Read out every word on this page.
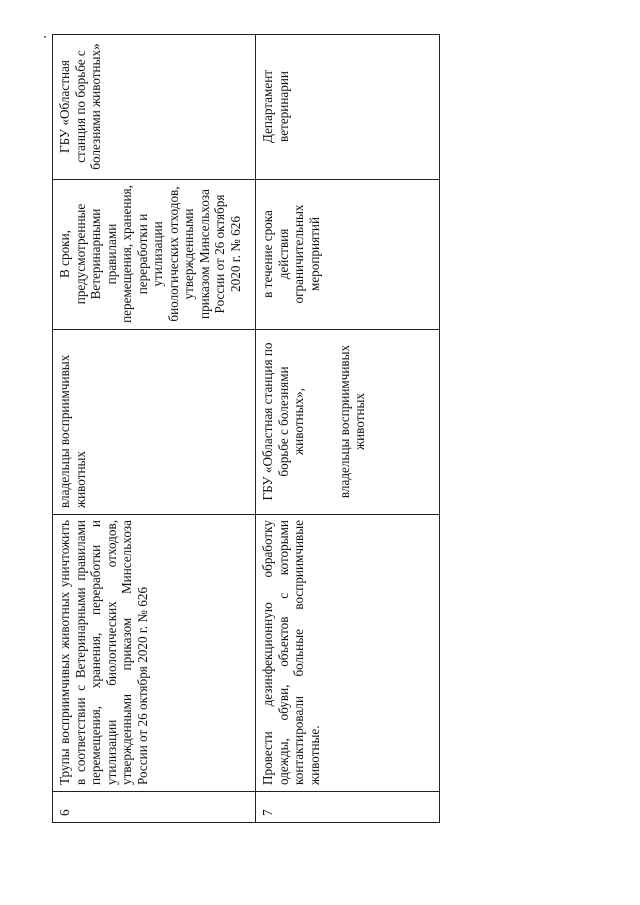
6	Трупы восприимчивых животных уничтожить в соответствии с Ветеринарными правилами перемещения, хранения, переработки и утилизации биологических отходов, утвержденными приказом Минсельхоза России от 26 октября 2020 г. № 626	владельцы восприимчивых животных	В сроки, предусмотренные Ветеринарными правилами перемещения, хранения, переработки и утилизации биологических отходов, утвержденными приказом Минсельхоза России от 26 октября 2020 г. № 626	ГБУ «Областная станция по борьбе с болезнями животных»
7	Провести дезинфекционную обработку одежды, обуви, объектов с которыми контактировали больные восприимчивые животные.	ГБУ «Областная станция по борьбе с болезнями животных», владельцы восприимчивых животных	в течение срока действия ограничительных мероприятий	Департамент ветеринарии
